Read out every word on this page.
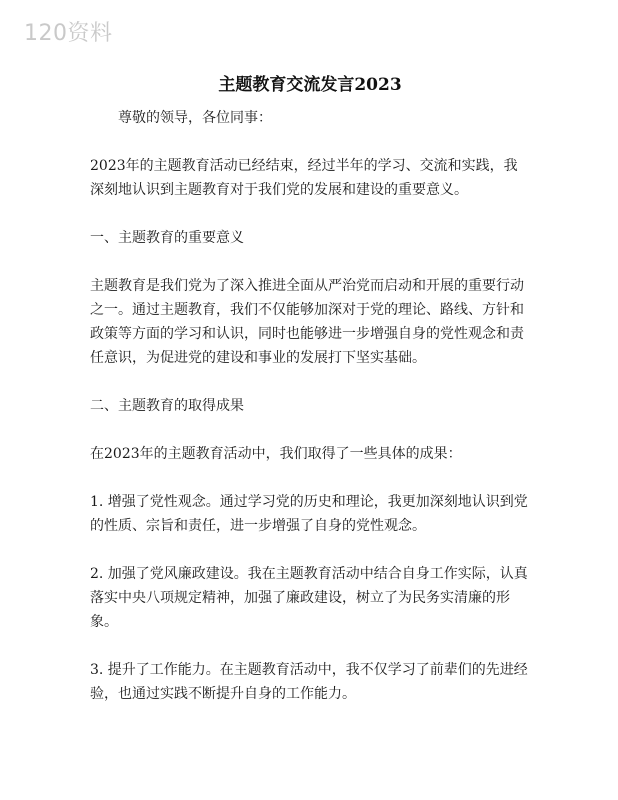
120资料
主题教育交流发言2023

尊敬的领导，各位同事：

2023年的主题教育活动已经结束，经过半年的学习、交流和实践，我深刻地认识到主题教育对于我们党的发展和建设的重要意义。

一、主题教育的重要意义

主题教育是我们党为了深入推进全面从严治党而启动和开展的重要行动之一。通过主题教育，我们不仅能够加深对于党的理论、路线、方针和政策等方面的学习和认识，同时也能够进一步增强自身的党性观念和责任意识，为促进党的建设和事业的发展打下坚实基础。

二、主题教育的取得成果

在2023年的主题教育活动中，我们取得了一些具体的成果：

1. 增强了党性观念。通过学习党的历史和理论，我更加深刻地认识到党的性质、宗旨和责任，进一步增强了自身的党性观念。

2. 加强了党风廉政建设。我在主题教育活动中结合自身工作实际，认真落实中央八项规定精神，加强了廉政建设，树立了为民务实清廉的形象。

3. 提升了工作能力。在主题教育活动中，我不仅学习了前辈们的先进经验，也通过实践不断提升自身的工作能力。
